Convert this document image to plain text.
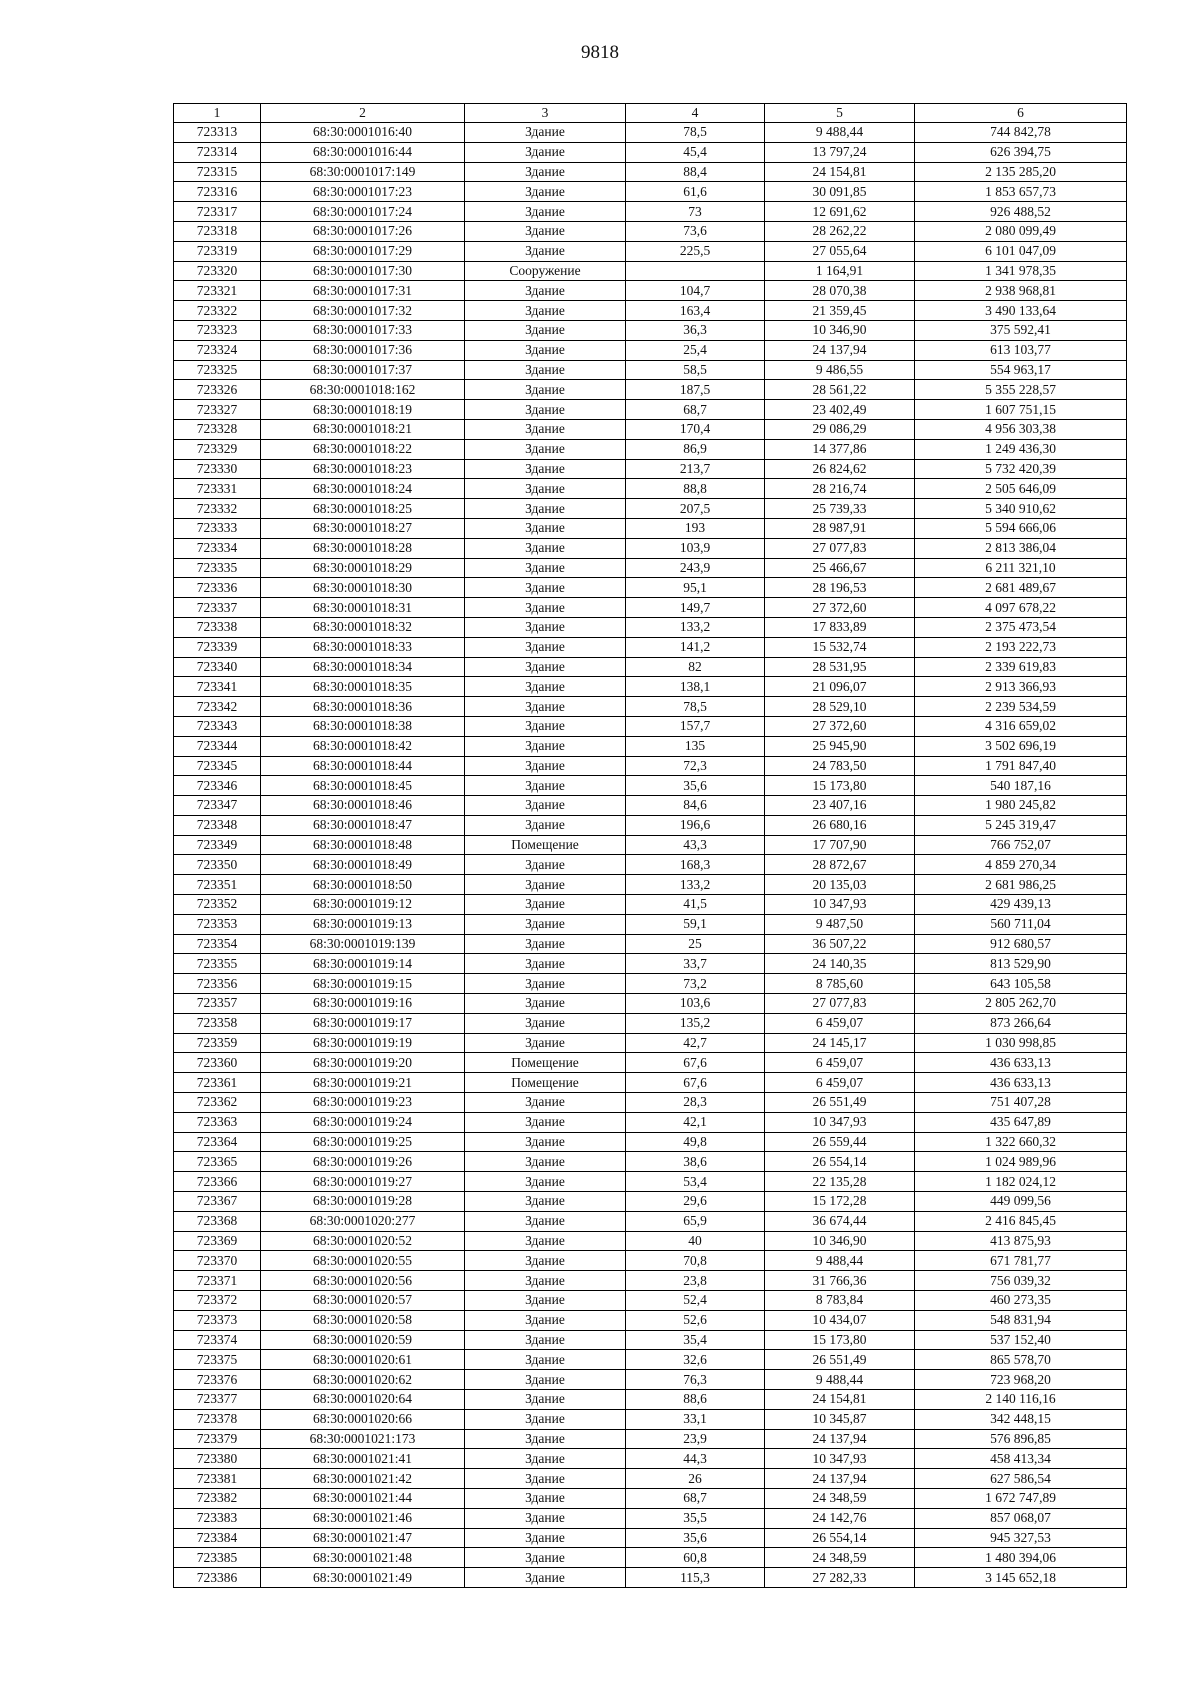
9818
1	2	3	4	5	6
723313	68:30:0001016:40	Здание	78,5	9 488,44	744 842,78
723314	68:30:0001016:44	Здание	45,4	13 797,24	626 394,75
723315	68:30:0001017:149	Здание	88,4	24 154,81	2 135 285,20
723316	68:30:0001017:23	Здание	61,6	30 091,85	1 853 657,73
723317	68:30:0001017:24	Здание	73	12 691,62	926 488,52
723318	68:30:0001017:26	Здание	73,6	28 262,22	2 080 099,49
723319	68:30:0001017:29	Здание	225,5	27 055,64	6 101 047,09
723320	68:30:0001017:30	Сооружение		1 164,91	1 341 978,35
723321	68:30:0001017:31	Здание	104,7	28 070,38	2 938 968,81
723322	68:30:0001017:32	Здание	163,4	21 359,45	3 490 133,64
723323	68:30:0001017:33	Здание	36,3	10 346,90	375 592,41
723324	68:30:0001017:36	Здание	25,4	24 137,94	613 103,77
723325	68:30:0001017:37	Здание	58,5	9 486,55	554 963,17
723326	68:30:0001018:162	Здание	187,5	28 561,22	5 355 228,57
723327	68:30:0001018:19	Здание	68,7	23 402,49	1 607 751,15
723328	68:30:0001018:21	Здание	170,4	29 086,29	4 956 303,38
723329	68:30:0001018:22	Здание	86,9	14 377,86	1 249 436,30
723330	68:30:0001018:23	Здание	213,7	26 824,62	5 732 420,39
723331	68:30:0001018:24	Здание	88,8	28 216,74	2 505 646,09
723332	68:30:0001018:25	Здание	207,5	25 739,33	5 340 910,62
723333	68:30:0001018:27	Здание	193	28 987,91	5 594 666,06
723334	68:30:0001018:28	Здание	103,9	27 077,83	2 813 386,04
723335	68:30:0001018:29	Здание	243,9	25 466,67	6 211 321,10
723336	68:30:0001018:30	Здание	95,1	28 196,53	2 681 489,67
723337	68:30:0001018:31	Здание	149,7	27 372,60	4 097 678,22
723338	68:30:0001018:32	Здание	133,2	17 833,89	2 375 473,54
723339	68:30:0001018:33	Здание	141,2	15 532,74	2 193 222,73
723340	68:30:0001018:34	Здание	82	28 531,95	2 339 619,83
723341	68:30:0001018:35	Здание	138,1	21 096,07	2 913 366,93
723342	68:30:0001018:36	Здание	78,5	28 529,10	2 239 534,59
723343	68:30:0001018:38	Здание	157,7	27 372,60	4 316 659,02
723344	68:30:0001018:42	Здание	135	25 945,90	3 502 696,19
723345	68:30:0001018:44	Здание	72,3	24 783,50	1 791 847,40
723346	68:30:0001018:45	Здание	35,6	15 173,80	540 187,16
723347	68:30:0001018:46	Здание	84,6	23 407,16	1 980 245,82
723348	68:30:0001018:47	Здание	196,6	26 680,16	5 245 319,47
723349	68:30:0001018:48	Помещение	43,3	17 707,90	766 752,07
723350	68:30:0001018:49	Здание	168,3	28 872,67	4 859 270,34
723351	68:30:0001018:50	Здание	133,2	20 135,03	2 681 986,25
723352	68:30:0001019:12	Здание	41,5	10 347,93	429 439,13
723353	68:30:0001019:13	Здание	59,1	9 487,50	560 711,04
723354	68:30:0001019:139	Здание	25	36 507,22	912 680,57
723355	68:30:0001019:14	Здание	33,7	24 140,35	813 529,90
723356	68:30:0001019:15	Здание	73,2	8 785,60	643 105,58
723357	68:30:0001019:16	Здание	103,6	27 077,83	2 805 262,70
723358	68:30:0001019:17	Здание	135,2	6 459,07	873 266,64
723359	68:30:0001019:19	Здание	42,7	24 145,17	1 030 998,85
723360	68:30:0001019:20	Помещение	67,6	6 459,07	436 633,13
723361	68:30:0001019:21	Помещение	67,6	6 459,07	436 633,13
723362	68:30:0001019:23	Здание	28,3	26 551,49	751 407,28
723363	68:30:0001019:24	Здание	42,1	10 347,93	435 647,89
723364	68:30:0001019:25	Здание	49,8	26 559,44	1 322 660,32
723365	68:30:0001019:26	Здание	38,6	26 554,14	1 024 989,96
723366	68:30:0001019:27	Здание	53,4	22 135,28	1 182 024,12
723367	68:30:0001019:28	Здание	29,6	15 172,28	449 099,56
723368	68:30:0001020:277	Здание	65,9	36 674,44	2 416 845,45
723369	68:30:0001020:52	Здание	40	10 346,90	413 875,93
723370	68:30:0001020:55	Здание	70,8	9 488,44	671 781,77
723371	68:30:0001020:56	Здание	23,8	31 766,36	756 039,32
723372	68:30:0001020:57	Здание	52,4	8 783,84	460 273,35
723373	68:30:0001020:58	Здание	52,6	10 434,07	548 831,94
723374	68:30:0001020:59	Здание	35,4	15 173,80	537 152,40
723375	68:30:0001020:61	Здание	32,6	26 551,49	865 578,70
723376	68:30:0001020:62	Здание	76,3	9 488,44	723 968,20
723377	68:30:0001020:64	Здание	88,6	24 154,81	2 140 116,16
723378	68:30:0001020:66	Здание	33,1	10 345,87	342 448,15
723379	68:30:0001021:173	Здание	23,9	24 137,94	576 896,85
723380	68:30:0001021:41	Здание	44,3	10 347,93	458 413,34
723381	68:30:0001021:42	Здание	26	24 137,94	627 586,54
723382	68:30:0001021:44	Здание	68,7	24 348,59	1 672 747,89
723383	68:30:0001021:46	Здание	35,5	24 142,76	857 068,07
723384	68:30:0001021:47	Здание	35,6	26 554,14	945 327,53
723385	68:30:0001021:48	Здание	60,8	24 348,59	1 480 394,06
723386	68:30:0001021:49	Здание	115,3	27 282,33	3 145 652,18
